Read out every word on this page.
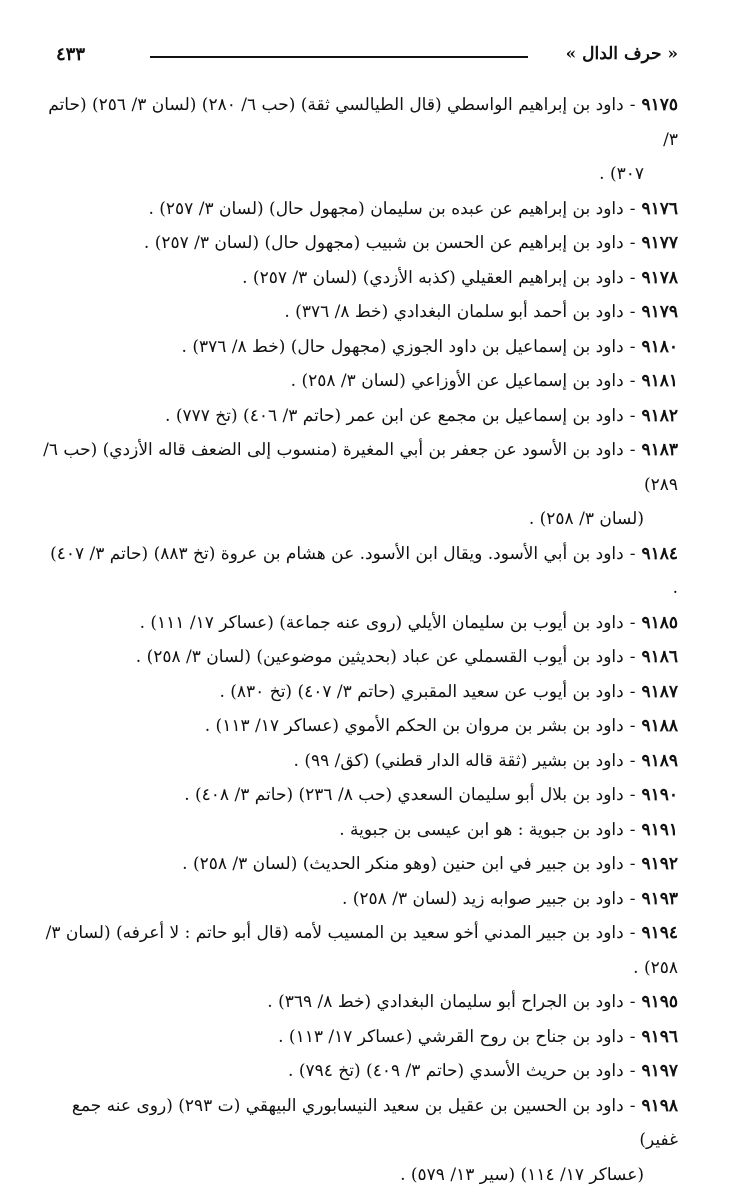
« حرف الدال »
٤٣٣

٩١٧٥-داود بن إبراهيم الواسطي (قال الطيالسي ثقة) (حب ٦/ ٢٨٠) (لسان ٣/ ٢٥٦) (حاتم ٣/
٣٠٧) .

٩١٧٦-داود بن إبراهيم عن عبده بن سليمان (مجهول حال) (لسان ٣/ ٢٥٧) .

٩١٧٧-داود بن إبراهيم عن الحسن بن شبيب (مجهول حال) (لسان ٣/ ٢٥٧) .

٩١٧٨-داود بن إبراهيم العقيلي (كذبه الأزدي) (لسان ٣/ ٢٥٧) .

٩١٧٩-داود بن أحمد أبو سلمان البغدادي (خط ٨/ ٣٧٦) .

٩١٨٠-داود بن إسماعيل بن داود الجوزي (مجهول حال) (خط ٨/ ٣٧٦) .

٩١٨١-داود بن إسماعيل عن الأوزاعي (لسان ٣/ ٢٥٨) .

٩١٨٢-داود بن إسماعيل بن مجمع عن ابن عمر (حاتم ٣/ ٤٠٦) (تخ ٧٧٧) .

٩١٨٣-داود بن الأسود عن جعفر بن أبي المغيرة (منسوب إلى الضعف قاله الأزدي) (حب ٦/ ٢٨٩)
(لسان ٣/ ٢٥٨) .

٩١٨٤-داود بن أبي الأسود. ويقال ابن الأسود. عن هشام بن عروة (تخ ٨٨٣) (حاتم ٣/ ٤٠٧) .

٩١٨٥-داود بن أيوب بن سليمان الأيلي (روى عنه جماعة) (عساكر ١٧/ ١١١) .

٩١٨٦-داود بن أيوب القسملي عن عباد (بحديثين موضوعين) (لسان ٣/ ٢٥٨) .

٩١٨٧-داود بن أيوب عن سعيد المقبري (حاتم ٣/ ٤٠٧) (تخ ٨٣٠) .

٩١٨٨-داود بن بشر بن مروان بن الحكم الأموي (عساكر ١٧/ ١١٣) .

٩١٨٩-داود بن بشير (ثقة قاله الدار قطني) (كق/ ٩٩) .

٩١٩٠-داود بن بلال أبو سليمان السعدي (حب ٨/ ٢٣٦) (حاتم ٣/ ٤٠٨) .

٩١٩١-داود بن جبوية : هو ابن عيسى بن جبوية .

٩١٩٢-داود بن جبير في ابن حنين (وهو منكر الحديث) (لسان ٣/ ٢٥٨) .

٩١٩٣-داود بن جبير صوابه زيد (لسان ٣/ ٢٥٨) .

٩١٩٤-داود بن جبير المدني أخو سعيد بن المسيب لأمه (قال أبو حاتم : لا أعرفه) (لسان ٣/ ٢٥٨) .

٩١٩٥-داود بن الجراح أبو سليمان البغدادي (خط ٨/ ٣٦٩) .

٩١٩٦-داود بن جناح بن روح القرشي (عساكر ١٧/ ١١٣) .

٩١٩٧-داود بن حريث الأسدي (حاتم ٣/ ٤٠٩) (تخ ٧٩٤) .

٩١٩٨-داود بن الحسين بن عقيل بن سعيد النيسابوري البيهقي (ت ٢٩٣) (روى عنه جمع غفير)
(عساكر ١٧/ ١١٤) (سير ١٣/ ٥٧٩) .
